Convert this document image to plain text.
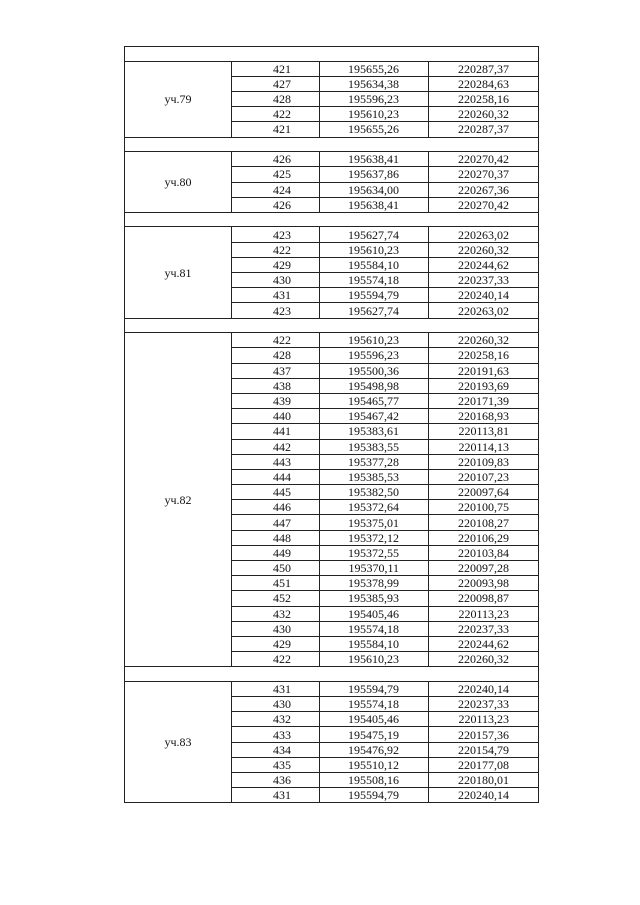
уч.79	421	195655,26	220287,37
	427	195634,38	220284,63
	428	195596,23	220258,16
	422	195610,23	220260,32
	421	195655,26	220287,37

уч.80	426	195638,41	220270,42
	425	195637,86	220270,37
	424	195634,00	220267,36
	426	195638,41	220270,42

уч.81	423	195627,74	220263,02
	422	195610,23	220260,32
	429	195584,10	220244,62
	430	195574,18	220237,33
	431	195594,79	220240,14
	423	195627,74	220263,02

уч.82	422	195610,23	220260,32
	428	195596,23	220258,16
	437	195500,36	220191,63
	438	195498,98	220193,69
	439	195465,77	220171,39
	440	195467,42	220168,93
	441	195383,61	220113,81
	442	195383,55	220114,13
	443	195377,28	220109,83
	444	195385,53	220107,23
	445	195382,50	220097,64
	446	195372,64	220100,75
	447	195375,01	220108,27
	448	195372,12	220106,29
	449	195372,55	220103,84
	450	195370,11	220097,28
	451	195378,99	220093,98
	452	195385,93	220098,87
	432	195405,46	220113,23
	430	195574,18	220237,33
	429	195584,10	220244,62
	422	195610,23	220260,32

уч.83	431	195594,79	220240,14
	430	195574,18	220237,33
	432	195405,46	220113,23
	433	195475,19	220157,36
	434	195476,92	220154,79
	435	195510,12	220177,08
	436	195508,16	220180,01
	431	195594,79	220240,14
